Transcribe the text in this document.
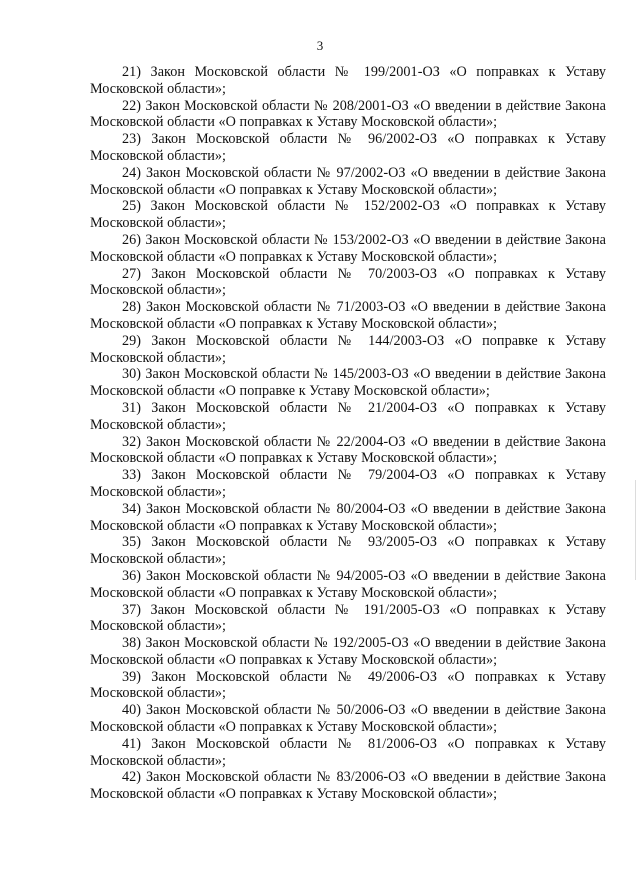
3

21) Закон Московской области № 199/2001-ОЗ «О поправках к Уставу Московской области»;

22) Закон Московской области № 208/2001-ОЗ «О введении в действие Закона Московской области «О поправках к Уставу Московской области»;

23) Закон Московской области № 96/2002-ОЗ «О поправках к Уставу Московской области»;

24) Закон Московской области № 97/2002-ОЗ «О введении в действие Закона Московской области «О поправках к Уставу Московской области»;

25) Закон Московской области № 152/2002-ОЗ «О поправках к Уставу Московской области»;

26) Закон Московской области № 153/2002-ОЗ «О введении в действие Закона Московской области «О поправках к Уставу Московской области»;

27) Закон Московской области № 70/2003-ОЗ «О поправках к Уставу Московской области»;

28) Закон Московской области № 71/2003-ОЗ «О введении в действие Закона Московской области «О поправках к Уставу Московской области»;

29) Закон Московской области № 144/2003-ОЗ «О поправке к Уставу Московской области»;

30) Закон Московской области № 145/2003-ОЗ «О введении в действие Закона Московской области «О поправке к Уставу Московской области»;

31) Закон Московской области № 21/2004-ОЗ «О поправках к Уставу Московской области»;

32) Закон Московской области № 22/2004-ОЗ «О введении в действие Закона Московской области «О поправках к Уставу Московской области»;

33) Закон Московской области № 79/2004-ОЗ «О поправках к Уставу Московской области»;

34) Закон Московской области № 80/2004-ОЗ «О введении в действие Закона Московской области «О поправках к Уставу Московской области»;

35) Закон Московской области № 93/2005-ОЗ «О поправках к Уставу Московской области»;

36) Закон Московской области № 94/2005-ОЗ «О введении в действие Закона Московской области «О поправках к Уставу Московской области»;

37) Закон Московской области № 191/2005-ОЗ «О поправках к Уставу Московской области»;

38) Закон Московской области № 192/2005-ОЗ «О введении в действие Закона Московской области «О поправках к Уставу Московской области»;

39) Закон Московской области № 49/2006-ОЗ «О поправках к Уставу Московской области»;

40) Закон Московской области № 50/2006-ОЗ «О введении в действие Закона Московской области «О поправках к Уставу Московской области»;

41) Закон Московской области № 81/2006-ОЗ «О поправках к Уставу Московской области»;

42) Закон Московской области № 83/2006-ОЗ «О введении в действие Закона Московской области «О поправках к Уставу Московской области»;
